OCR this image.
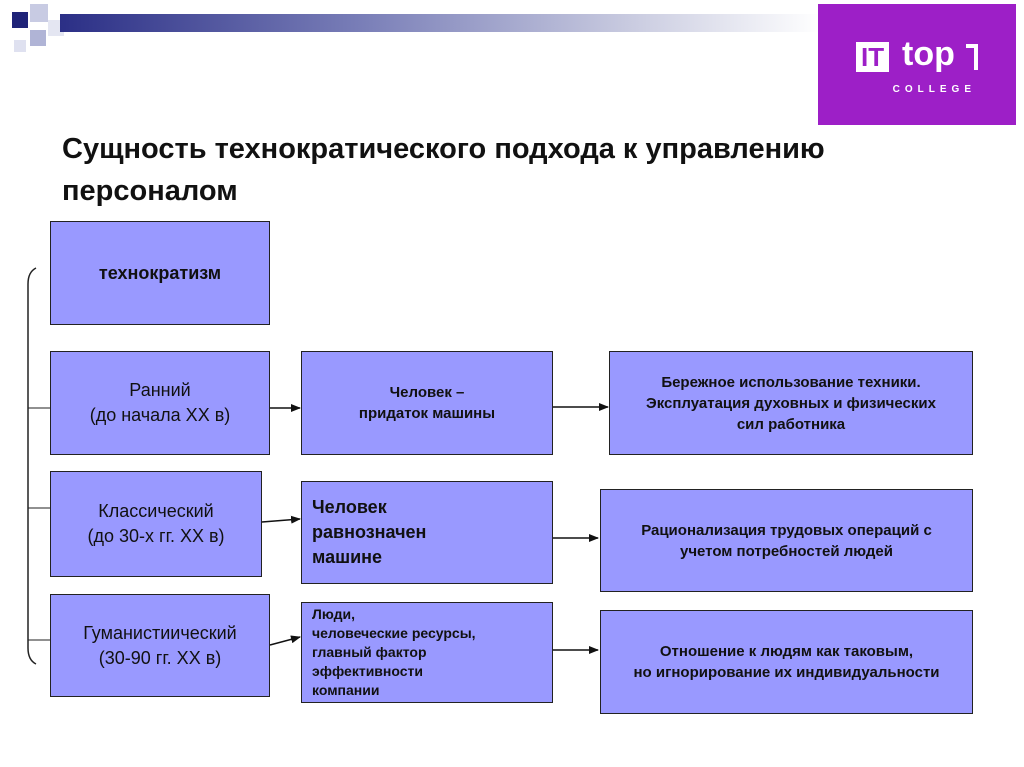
IT top
COLLEGE
Сущность технократического подхода к управлению персоналом
технократизм
Ранний
(до начала XX в)
Человек –
придаток машины
Бережное использование техники.
Эксплуатация духовных и физических
сил работника
Классический
(до 30-х гг. XX в)
Человек
равнозначен
машине
Рационализация трудовых операций с
учетом потребностей людей
Гуманистиический
(30-90 гг. XX в)
Люди,
человеческие ресурсы,
главный фактор
эффективности
компании
Отношение к людям как таковым,
но игнорирование их индивидуальности
